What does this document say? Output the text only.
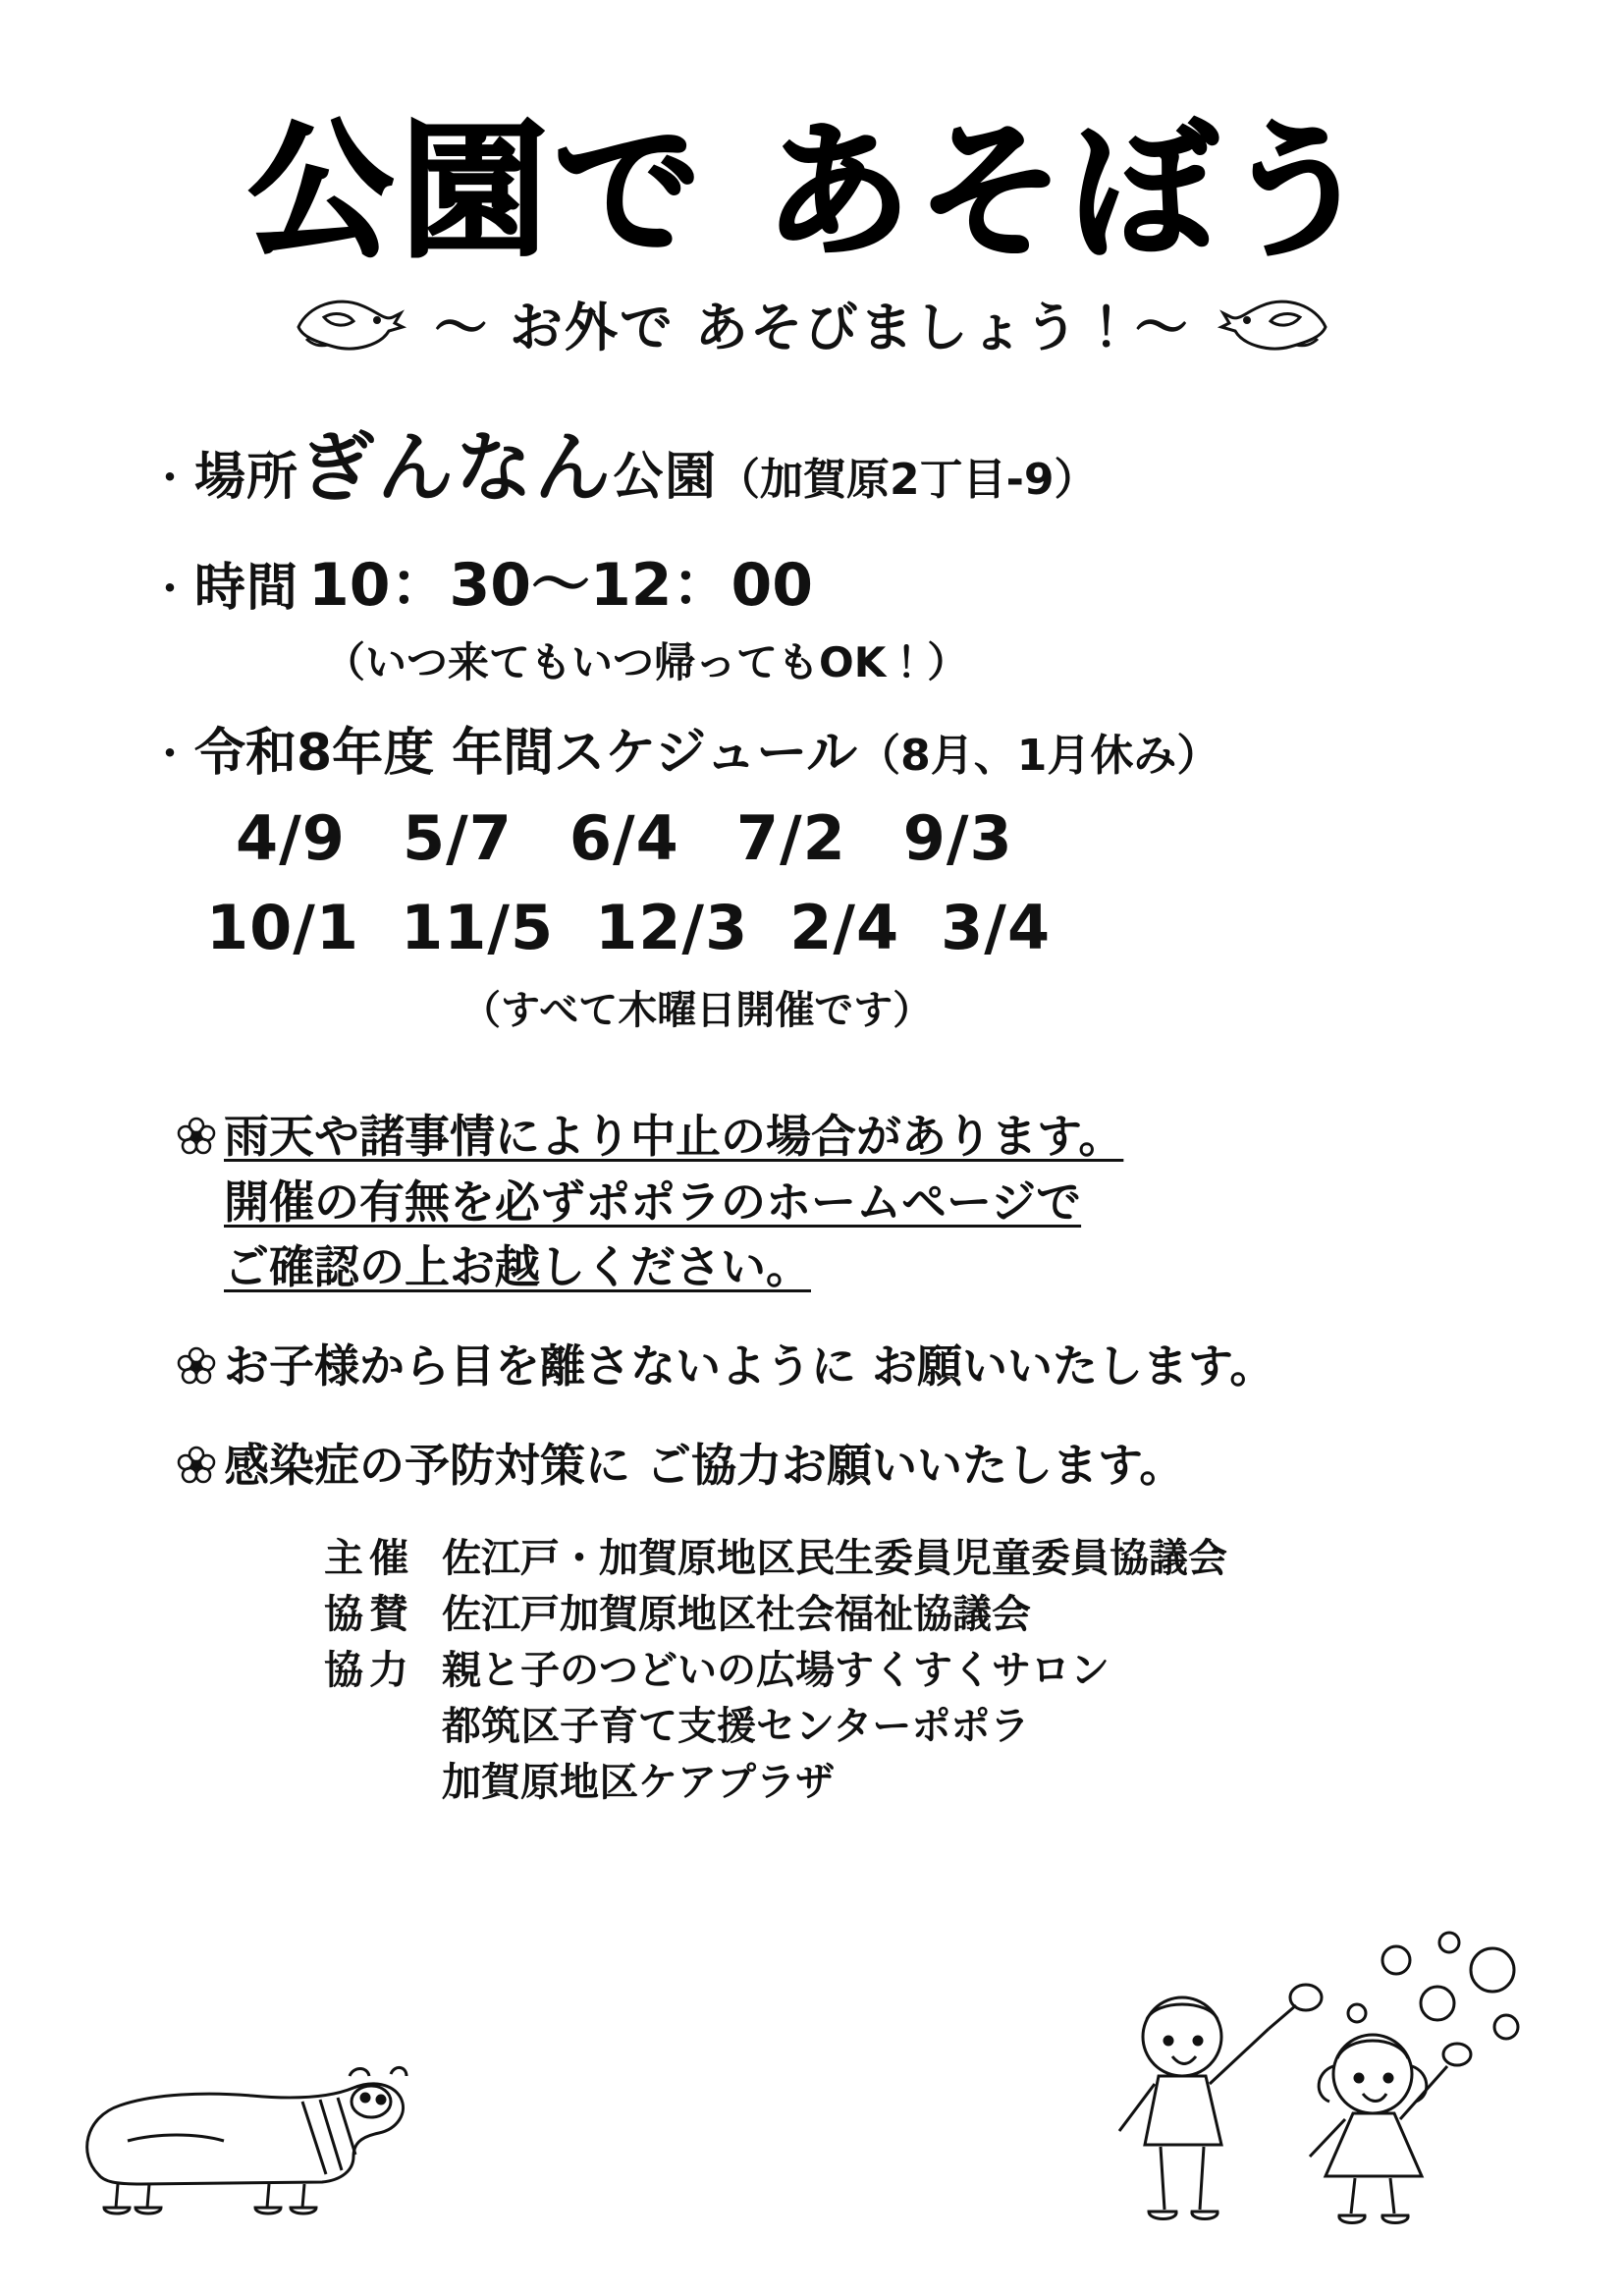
公園で あそぼう
〜 お外で あそびましょう！〜
・ 場所 ぎんなん 公園 （加賀原2丁目-9）
・ 時間 10：30〜12：00
（いつ来てもいつ帰ってもOK！）
・ 令和8年度 年間スケジュール （8月、1月休み）
4/9 5/7 6/4 7/2 9/3
10/1 11/5 12/3 2/4 3/4
（すべて木曜日開催です）
雨天や諸事情により中止の場合があります。
開催の有無を必ずポポラのホームページで
ご確認の上お越しください。
お子様から目を離さないように お願いいたします。
感染症の予防対策に ご協力お願いいたします。
主催 佐江戸・加賀原地区民生委員児童委員協議会
協賛 佐江戸加賀原地区社会福祉協議会
協力 親と子のつどいの広場すくすくサロン
都筑区子育て支援センターポポラ
加賀原地区ケアプラザ
